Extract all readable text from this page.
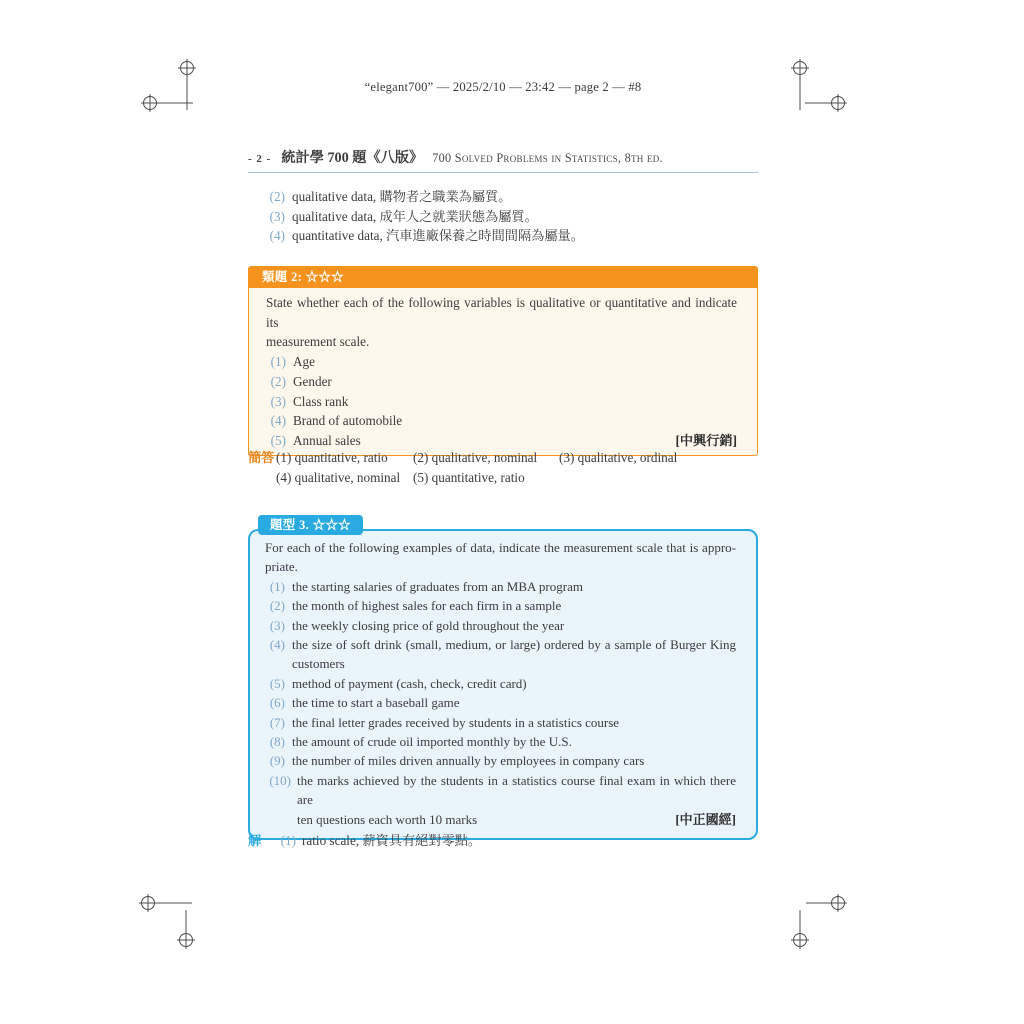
“elegant700” — 2025/2/10 — 23:42 — page 2 — #8
- 2 - 統計學 700 題《八版》 700 Solved Problems in Statistics, 8th ed.
(2) qualitative data, 購物者之職業為屬質。
(3) qualitative data, 成年人之就業狀態為屬質。
(4) quantitative data, 汽車進廠保養之時間間隔為屬量。
類題 2: ☆☆☆
State whether each of the following variables is qualitative or quantitative and indicate its
measurement scale.
(1) Age
(2) Gender
(3) Class rank
(4) Brand of automobile
(5)	[中興行銷]
Annual sales
簡答 (1) quantitative, ratio	(2) qualitative, nominal	(3) qualitative, ordinal
(4) qualitative, nominal (5) quantitative, ratio
題型 3. ☆☆☆
For each of the following examples of data, indicate the measurement scale that is appro-
priate.
(1) the starting salaries of graduates from an MBA program
(2) the month of highest sales for each firm in a sample
(3) the weekly closing price of gold throughout the year
(4) the size of soft drink (small, medium, or large) ordered by a sample of Burger King
customers
(5) method of payment (cash, check, credit card)
(6) the time to start a baseball game
(7) the final letter grades received by students in a statistics course
(8) the amount of crude oil imported monthly by the U.S.
(9) the number of miles driven annually by employees in company cars
(10) the marks achieved by the students in a statistics course final exam in which there are
[中正國經]
ten questions each worth 10 marks
解	(1) ratio scale, 薪資具有絕對零點。
